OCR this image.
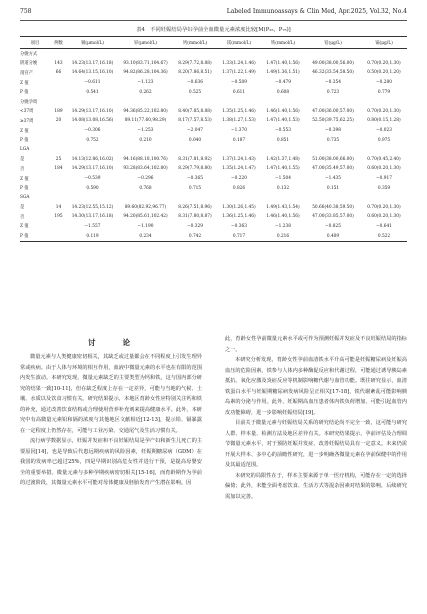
758	Labeled Immunoassays & Clin Med, Apr.2025, Vol.32, No.4
表4　不同妊娠结局孕妇孕前全血微量元素浓度比较[M(P₂₅，P₇₅)]
项目	例数	铜(μmol/L)	锌(μmol/L)	钙(mmol/L)	镁(mmol/L)	铁(mmol/L)	铅(μg/L)	镉(μg/L)
分娩方式								
阴道分娩	143	14.23(13.17,16.18)	93.10(83.71,104.67)	8.29(7.72,8.88)	1.33(1.24,1.46)	1.47(1.40,1.56)	49.00(38.00,56.00)	0.70(0.20,1.30)
剖宫产	66	14.64(13.15,16.10)	94.82(86.28,104.36)	8.20(7.86,8.51)	1.37(1.22,1.49)	1.49(1.36,1.51)	46.32(33.54,58.50)	0.50(0.20,1.20)
Z 值		−0.611	−1.123	−0.636	−0.509	−0.479	−0.354	−0.280
P 值		0.541	0.262	0.525	0.611	0.608	0.723	0.779
分娩孕周								
<37周	189	14.29(13.17,16.10)	94.36(85.22,102.80)	8.40(7.85,8.88)	1.35(1.25,1.46)	1.46(1.40,1.56)	47.00(36.00,57.00)	0.70(0.20,1.30)
≥37周	20	14.08(13.08,16.56)	89.11(77.60,98.29)	8.17(7.57,8.53)	1.38(1.27,1.53)	1.47(1.40,1.53)	52.50(39.75,62.25)	0.80(0.15,1.28)
Z 值		−0.306	−1.253	−2.047	−1.370	−0.553	−0.398	−0.023
P 值		0.752	0.210	0.040	0.187	0.851	0.735	0.975
LGA								
是	25	14.13(12.86,16.02)	94.16(88.18,100.76)	8.31(7.81,8.92)	1.37(1.24,1.43)	1.42(1.37,1.48)	51.00(38.00,66.00)	0.70(0.45,2.40)
否	184	14.29(13.17,16.10)	93.28(83.64,102.80)	8.29(7.79,8.80)	1.35(1.24,1.47)	1.47(1.40,1.55)	47.00(35.49,57.00)	0.60(0.20,1.30)
Z 值		−0.539	−0.296	−0.365	−0.220	−1.504	−1.435	−0.917
P 值		0.590	0.768	0.715	0.826	0.132	0.151	0.359
SGA								
是	14	14.23(12.55,15.12)	89.60(82.92,96.77)	8.26(7.51,8.96)	1.30(1.26,1.45)	1.49(1.43,1.54)	50.66(40.38,59.50)	0.70(0.20,1.30)
否	195	14.30(13.17,16.18)	94.20(85.61,102.42)	8.31(7.80,8.87)	1.36(1.25,1.46)	1.46(1.40,1.56)	47.00(33.85,57.00)	0.60(0.20,1.30)
Z 值		−1.557	−1.190	−0.329	−0.363	−1.238	−0.825	−0.641
P 值		0.119	0.234	0.742	0.717	0.216	0.409	0.522
讨　　论

微量元素与人类健康密切相关，其缺乏或过量都会在不同程度上引发生理异常或疾病。由于人体与环境的相互作用，血液中微量元素的水平也在有限的范围内发生波动。本研究发现，微量元素缺乏的主要类型为钙和铁，这与国内部分研究的结果一致[10-11]，但在缺乏程度上存在一定差异，可能与当地的气候、土壤、水质以及饮食习惯有关。研究结果提示，本地区育龄女性应特别关注钙和铁的补充，通过改善饮食结构或合理使用营养补充剂来提高健康水平。此外，本研究中有高微量元素铅和镉的浓度与其他地区文献相近[12-13]，提示铅、镉暴露在一定程度上仍然存在，可能与工业污染、交通尾气及生活习惯有关。

流行病学数据显示，妊娠并发症和不良妊娠结局是孕产妇和新生儿死亡的主要原因[14]，也是导致后代患远期疾病的风险因素，妊娠期糖尿病（GDM）在我国的发病率已超过25%，四是早期识别高危女性并进行干预，是提高母婴安全的重要举措。微量元素与多种孕期疾病密切相关[15-16]，而育龄期作为孕前的过渡阶段，其微量元素水平可能对母体健康及胚胎发育产生潜在影响。因

此，育龄女性孕前微量元素水平或可作为预测妊娠并发症及不良妊娠结局的指标之一。

本研究分析发现，育龄女性孕前血清铁水平升高可能是妊娠糖尿病及妊娠高血压的危险因素。铁参与人体内多种酶促反应和代谢过程，可能通过诱导胰岛素抵抗、氧化应激及炎症反应等机制影响糖代谢与血管功能。既往研究显示，血清铁蛋白水平与妊娠期糖尿病发病风险呈正相关[17-18]，铁代谢紊乱可能影响胰岛素的分泌与作用。此外，妊娠期高血压患者体内铁负荷增加，可能引起血管内皮功能障碍，进一步影响妊娠结局[19]。

目前关于微量元素与妊娠结局关系的研究结论尚不完全一致，这可能与研究人群、样本量、检测方法及地区差异有关。本研究结果提示，孕前评估及合理调节微量元素水平，对于预防妊娠并发症、改善妊娠结局具有一定意义。未来仍需开展大样本、多中心的前瞻性研究，进一步明确各微量元素在孕前保健中的作用及其最适范围。

本研究的局限性在于，样本主要来源于单一医疗机构，可能存在一定的选择偏倚；此外，未能全面考虑饮食、生活方式等混杂因素对结果的影响，后续研究需加以完善。
